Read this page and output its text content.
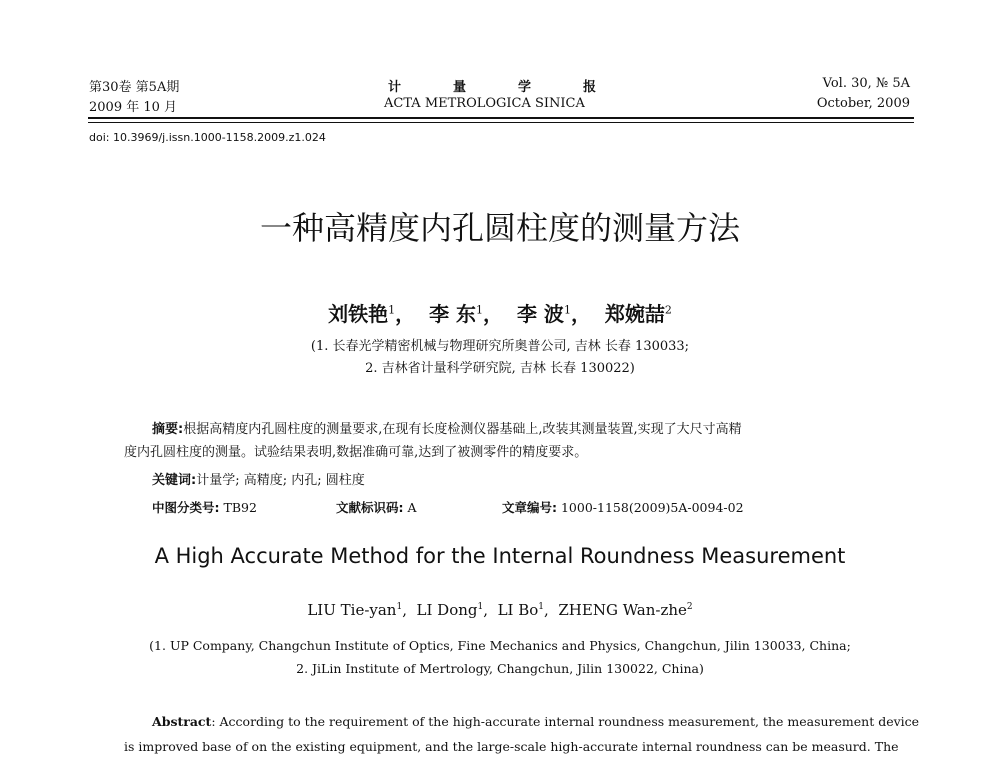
第30卷 第5A期
2009 年 10 月
计 量 学 报
ACTA METROLOGICA SINICA
Vol. 30, № 5A
October, 2009
doi: 10.3969/j.issn.1000-1158.2009.z1.024
一种高精度内孔圆柱度的测量方法
刘铁艳$^1$， 李 东$^1$， 李 波$^1$， 郑婉喆$^2$
(1. 长春光学精密机械与物理研究所奥普公司, 吉林 长春 130033;
2. 吉林省计量科学研究院, 吉林 长春 130022)
摘要:根据高精度内孔圆柱度的测量要求,在现有长度检测仪器基础上,改装其测量装置,实现了大尺寸高精
度内孔圆柱度的测量。试验结果表明,数据准确可靠,达到了被测零件的精度要求。
关键词:计量学; 高精度; 内孔; 圆柱度
中图分类号: TB92	文献标识码: A	文章编号: 1000-1158(2009)5A-0094-02
A High Accurate Method for the Internal Roundness Measurement
LIU Tie-yan$^1$, LI Dong$^1$, LI Bo$^1$, ZHENG Wan-zhe$^2$
(1. UP Company, Changchun Institute of Optics, Fine Mechanics and Physics, Changchun, Jilin 130033, China;
2. JiLin Institute of Mertrology, Changchun, Jilin 130022, China)
Abstract: According to the requirement of the high-accurate internal roundness measurement, the measurement device
is improved base of on the existing equipment, and the large-scale high-accurate internal roundness can be measurd. The
